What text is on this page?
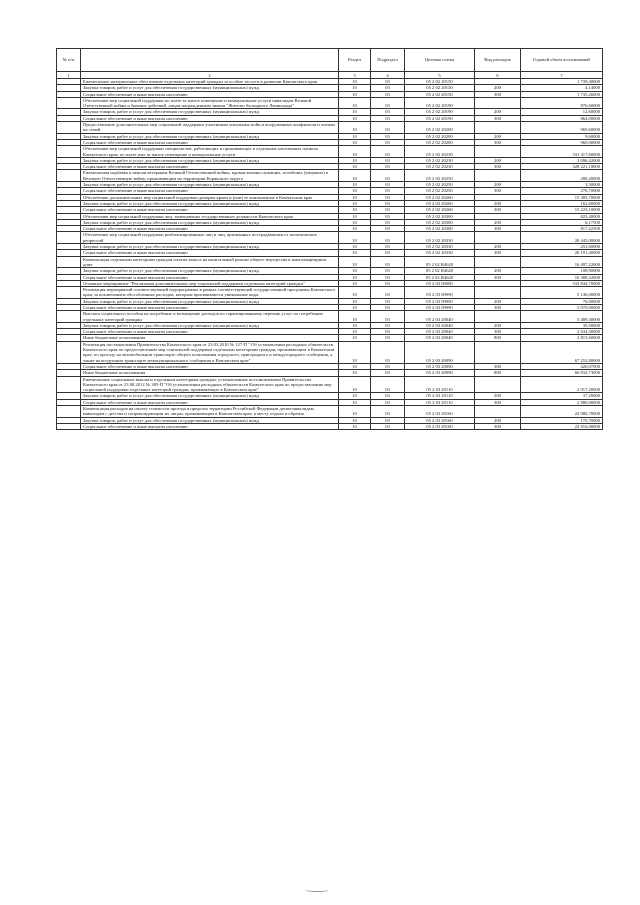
№ п/п		Раздел	Подраздел	Целевая статья	Вид расходов	Годовой объем ассигнований
1	2	3	4	5	6	7
	Ежемесячное материальное обеспечение отдельных категорий граждан за особые заслуги в развитии Камчатского края	10	03	05 2 02 20150		1 739,40000
	Закупка товаров, работ и услуг для обеспечения государственных (муниципальных) нужд	10	03	05 2 02 20150	200	4,14000
	Социальное обеспечение и иные выплаты населению	10	03	05 2 02 20150	300	1 735,26000
	Обеспечение мер социальной поддержки по плате за жилое помещение и коммунальные услуги инвалидам Великой Отечественной войны и бывших действий, лицам награжденным знаком "Жителю блокадного Ленинграда"	10	03	05 2 02 20190		876,60000
	Закупка товаров, работ и услуг для обеспечения государственных (муниципальных) нужд	10	03	05 2 02 20190	200	12,60000
	Социальное обеспечение и иные выплаты населению	10	03	05 2 02 20190	300	864,00000
	Предоставление дополнительных мер социальной поддержки участникам локальных войн и вооруженных конфликтов и членам их семей	10	03	05 2 02 20200		969,60000
	Закупка товаров, работ и услуг для обеспечения государственных (муниципальных) нужд	10	03	05 2 02 20200	200	9,60000
	Социальное обеспечение и иные выплаты населению	10	03	05 2 02 20200	300	960,00000
	Обеспечение мер социальной поддержки специалистов, работающих и проживающих в отдельных населенных пунктах Камчатского края, по плате жил за жилое помещение и коммунальные услуги	10	03	05 2 02 20230		331 317,60000
	Закупка товаров, работ и услуг для обеспечения государственных (муниципальных) нужд	10	03	05 2 02 20230	200	3 096,42000
	Социальное обеспечение и иные выплаты населению	10	03	05 2 02 20230	300	328 221,18000
	Ежемесячная надбавка к пенсии ветеранам Великой Отечественной войны, вдовам военнослужащих, погибших (умерших) в Великую Отечественную войну, проживающим на территории Корякского округа	10	03	05 2 02 20250		280,20000
	Закупка товаров, работ и услуг для обеспечения государственных (муниципальных) нужд	10	03	05 2 02 20250	200	3,50000
	Социальное обеспечение и иные выплаты населению	10	03	05 2 02 20250	300	276,70000
	Обеспечение дополнительных мер социальной поддержки донорам крови и (или) ее компонентов в Камчатском крае	10	03	05 2 02 20260		15 385,70000
	Закупка товаров, работ и услуг для обеспечения государственных (муниципальных) нужд	10	03	05 2 02 20260	200	162,60000
	Социальное обеспечение и иные выплаты населению	10	03	05 2 02 20260	300	15 223,10000
	Обеспечение мер социальной поддержки лиц, замещающих государственные должности Камчатского края	10	03	05 2 02 20300		823,40000
	Закупка товаров, работ и услуг для обеспечения государственных (муниципальных) нужд	10	03	05 2 02 20300	200	6,17500
	Социальное обеспечение и иные выплаты населению	10	03	05 2 02 20300	300	817,22500
	Обеспечение мер социальной поддержки реабилитированных лиц и лиц, признанных пострадавшими от политических репрессий	10	03	05 2 02 20330		20 445,00000
	Закупка товаров, работ и услуг для обеспечения государственных (муниципальных) нужд	10	03	05 2 02 20330	200	253,60000
	Социальное обеспечение и иные выплаты населению	10	03	05 2 02 20330	300	20 191,40000
	Компенсация отдельным категориям граждан оплаты взноса на капитальный ремонт общего имущества в многоквартирном доме	10	03	05 2 02 R4620		16 497,22000
	Закупка товаров, работ и услуг для обеспечения государственных (муниципальных) нужд	10	03	05 2 02 R4620	200	108,90000
	Социальное обеспечение и иные выплаты населению	10	03	05 2 02 R4620	300	16 388,32000
	Основное мероприятие "Реализация дополнительных мер социальной поддержки отдельных категорий граждан"	10	03	05 2 03 00000		533 844,70000
	Реализация мероприятий соответствующей подпрограммы в рамках соответствующей государственной программы Камчатского края, за исключением обособленных расходов, которым присваиваются уникальные коды	10	03	05 2 03 09990		5 146,00000
	Закупка товаров, работ и услуг для обеспечения государственных (муниципальных) нужд	10	03	05 2 03 09990	200	76,00000
	Социальное обеспечение и иные выплаты населению	10	03	05 2 03 09990	300	5 070,00000
	Выплата социального пособия на погребение и возмещение расходов по гарантированному перечню услуг по погребению отдельных категорий граждан	10	03	05 2 03 20040		5 489,40000
	Закупка товаров, работ и услуг для обеспечения государственных (муниципальных) нужд	10	03	05 2 03 20040	200	39,50000
	Социальное обеспечение и иные выплаты населению	10	03	05 2 03 20040	300	2 634,30000
	Иные бюджетные ассигнования	10	03	05 2 03 20040	800	2 815,60000
	Реализация постановления Правительства Камчатского края от 23.03.2010 № 127-П " Об установлении расходных обязательств Камчатского края по предоставлению мер социальной поддержки отдельным категориям граждан, проживающим в Камчатском крае, по проезду на автомобильном транспорте общего пользования городского, пригородного и междугородного сообщения, а также на воздушном транспорте межмуниципального сообщения в Камчатском крае"	10	03	05 2 03 20090		67 252,80000
	Социальное обеспечение и иные выплаты населению	10	03	05 2 03 20090	300	420,07000
	Иные бюджетные ассигнования	10	03	05 2 03 20090	800	66 832,73000
	Ежемесячные социальные выплаты отдельным категориям граждан, установленные постановлением Правительства Камчатского края от 23.08.2012 № 385-П "Об установлении расходных обязательств Камчатского края по предоставлению мер социальной поддержки отдельных категорий граждан, проживающих в Камчатском крае"	10	03	05 2 03 20110		2 917,20000
	Закупка товаров, работ и услуг для обеспечения государственных (муниципальных) нужд	10	03	05 2 03 20110	200	37,20000
	Социальное обеспечение и иные выплаты населению	10	03	05 2 03 20110	300	2 880,00000
	Компенсация расходов на оплату стоимости проезда в пределах территории Российской Федерации детям-инвалидам, инвалидам с детства и сопровождающим их лицам, проживающим в Камчатском крае, к месту отдыха и обратно	10	03	05 2 03 20160		22 986,70000
	Закупка товаров, работ и услуг для обеспечения государственных (муниципальных) нужд	10	03	05 2 03 20160	200	170,70000
	Социальное обеспечение и иные выплаты населению	10	03	05 2 03 20160	300	22 816,00000
